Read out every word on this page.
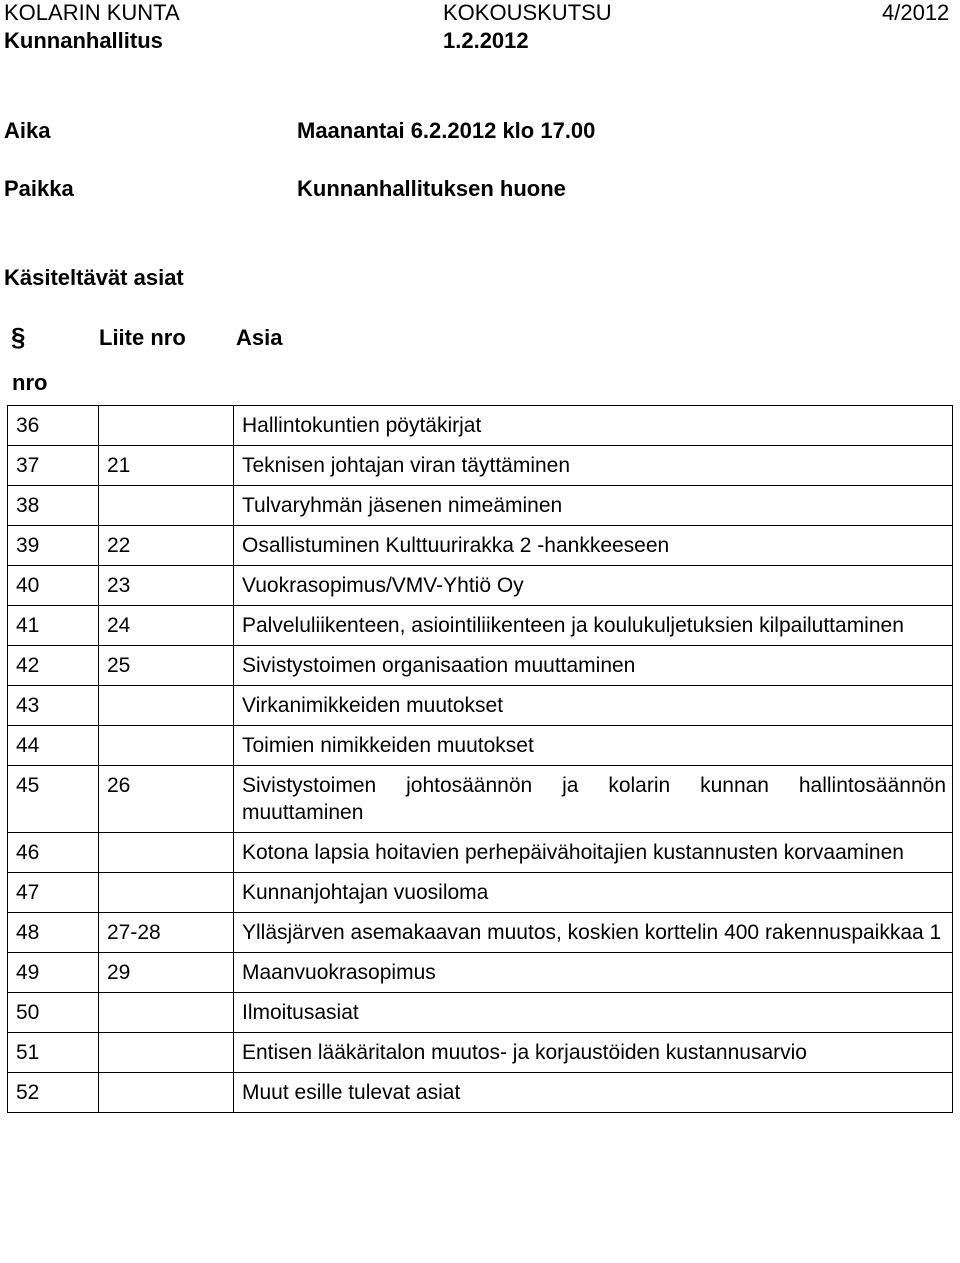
KOLARIN KUNTA
Kunnanhallitus
KOKOUSKUTSU
1.2.2012
4/2012
Aika	Maanantai 6.2.2012 klo 17.00
Paikka	Kunnanhallituksen huone
Käsiteltävät asiat
§	Liite nro Asia
nro
36		Hallintokuntien pöytäkirjat
37	21	Teknisen johtajan viran täyttäminen
38		Tulvaryhmän jäsenen nimeäminen
39	22	Osallistuminen Kulttuurirakka 2 -hankkeeseen
40	23	Vuokrasopimus/VMV-Yhtiö Oy
41	24	Palveluliikenteen, asiointiliikenteen ja koulukuljetuksien kilpailuttaminen
42	25	Sivistystoimen organisaation muuttaminen
43		Virkanimikkeiden muutokset
44		Toimien nimikkeiden muutokset
45	26	Sivistystoimen johtosäännön ja kolarin kunnan hallintosäännön muuttaminen
46		Kotona lapsia hoitavien perhepäivähoitajien kustannusten korvaaminen
47		Kunnanjohtajan vuosiloma
48	27-28	Ylläsjärven asemakaavan muutos, koskien korttelin 400 rakennuspaikkaa 1
49	29	Maanvuokrasopimus
50		Ilmoitusasiat
51		Entisen lääkäritalon muutos- ja korjaustöiden kustannusarvio
52		Muut esille tulevat asiat
